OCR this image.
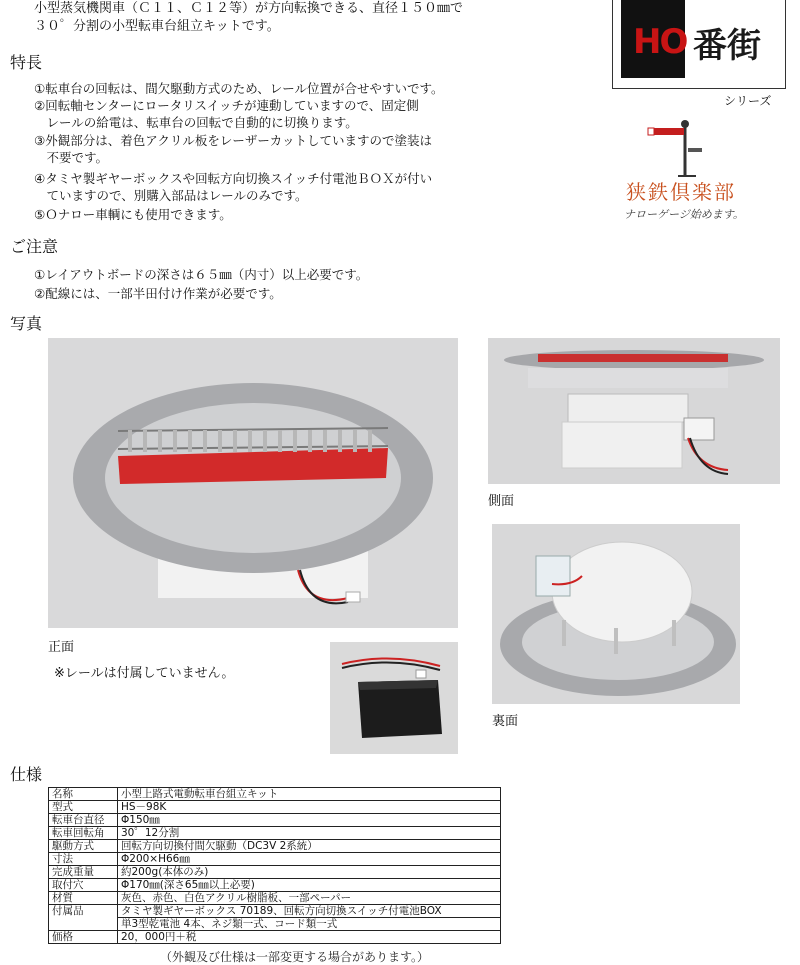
小型蒸気機関車（Ｃ１１、Ｃ１２等）が方向転換できる、直径１５０㎜で
３０゜分割の小型転車台組立キットです。	HO 番街
シリーズ
狭鉄倶楽部
ナローゲージ始めます。
特長
①転車台の回転は、間欠駆動方式のため、レール位置が合せやすいです。
②回転軸センターにロータリスイッチが連動していますので、固定側
　レールの給電は、転車台の回転で自動的に切換ります。
③外観部分は、着色アクリル板をレーザーカットしていますので塗装は
　不要です。
④タミヤ製ギヤーボックスや回転方向切換スイッチ付電池ＢＯＸが付い
　ていますので、別購入部品はレールのみです。
⑤Ｏナロー車輌にも使用できます。
ご注意
①レイアウトボードの深さは６５㎜（内寸）以上必要です。
②配線には、一部半田付け作業が必要です。
写真
正面
※レールは付属していません。
側面
裏面
仕様
名称	小型上路式電動転車台組立キット
型式	HS－98K
転車台直径	Φ150㎜
転車回転角	30゜12分割
駆動方式	回転方向切換付間欠駆動（DC3V 2系統）
寸法	Φ200×H66㎜
完成重量	約200g(本体のみ)
取付穴	Φ170㎜(深さ65㎜以上必要)
材質	灰色、赤色、白色アクリル樹脂板、一部ペーパー
付属品	タミヤ製ギヤーボックス 70189、回転方向切換スイッチ付電池BOX
	単3型乾電池 4本、ネジ類一式、コード類一式
価格	20，000円＋税
（外観及び仕様は一部変更する場合があります。）
